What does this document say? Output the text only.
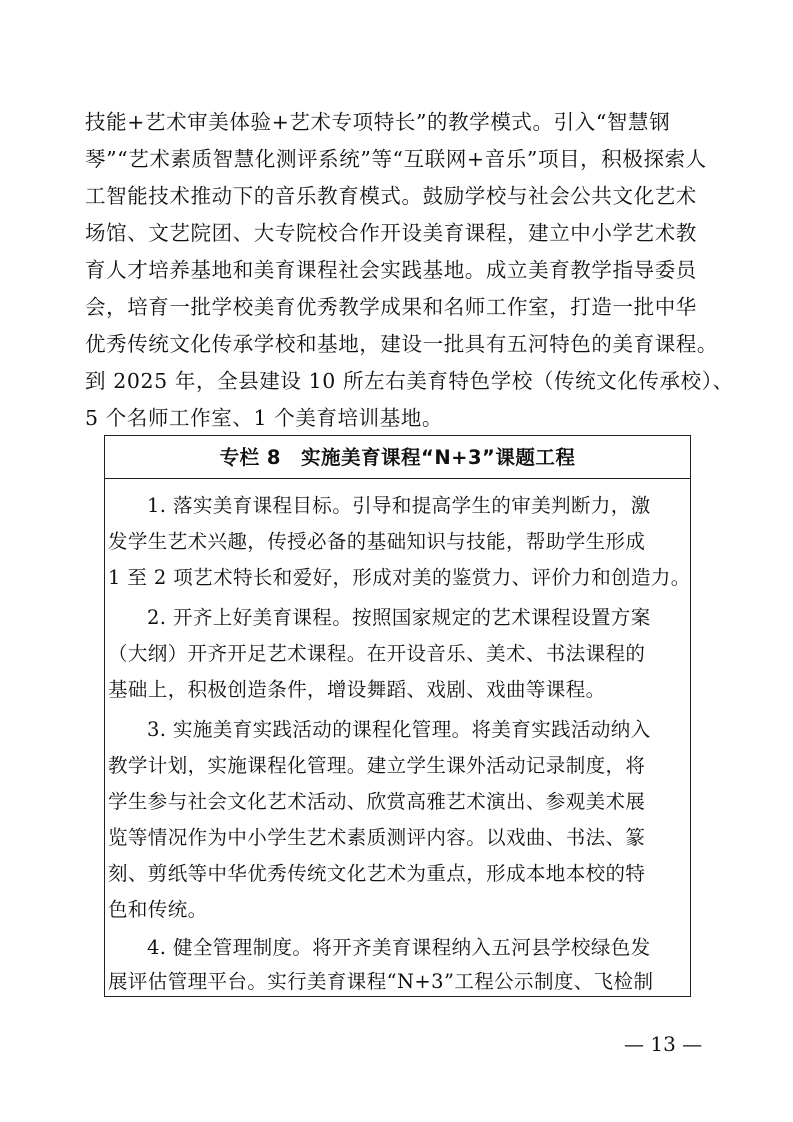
技能+艺术审美体验+艺术专项特长”的教学模式。引入“智慧钢
琴”“艺术素质智慧化测评系统”等“互联网+音乐”项目，积极探索人
工智能技术推动下的音乐教育模式。鼓励学校与社会公共文化艺术
场馆、文艺院团、大专院校合作开设美育课程，建立中小学艺术教
育人才培养基地和美育课程社会实践基地。成立美育教学指导委员
会，培育一批学校美育优秀教学成果和名师工作室，打造一批中华
优秀传统文化传承学校和基地，建设一批具有五河特色的美育课程。
到 2025 年，全县建设 10 所左右美育特色学校（传统文化传承校）、
5 个名师工作室、1 个美育培训基地。
专栏 8　实施美育课程“N+3”课题工程
1. 落实美育课程目标。引导和提高学生的审美判断力，激
发学生艺术兴趣，传授必备的基础知识与技能，帮助学生形成
1 至 2 项艺术特长和爱好，形成对美的鉴赏力、评价力和创造力。
2. 开齐上好美育课程。按照国家规定的艺术课程设置方案
（大纲）开齐开足艺术课程。在开设音乐、美术、书法课程的
基础上，积极创造条件，增设舞蹈、戏剧、戏曲等课程。
3. 实施美育实践活动的课程化管理。将美育实践活动纳入
教学计划，实施课程化管理。建立学生课外活动记录制度，将
学生参与社会文化艺术活动、欣赏高雅艺术演出、参观美术展
览等情况作为中小学生艺术素质测评内容。以戏曲、书法、篆
刻、剪纸等中华优秀传统文化艺术为重点，形成本地本校的特
色和传统。
4. 健全管理制度。将开齐美育课程纳入五河县学校绿色发
展评估管理平台。实行美育课程“N+3”工程公示制度、飞检制
— 13 —
